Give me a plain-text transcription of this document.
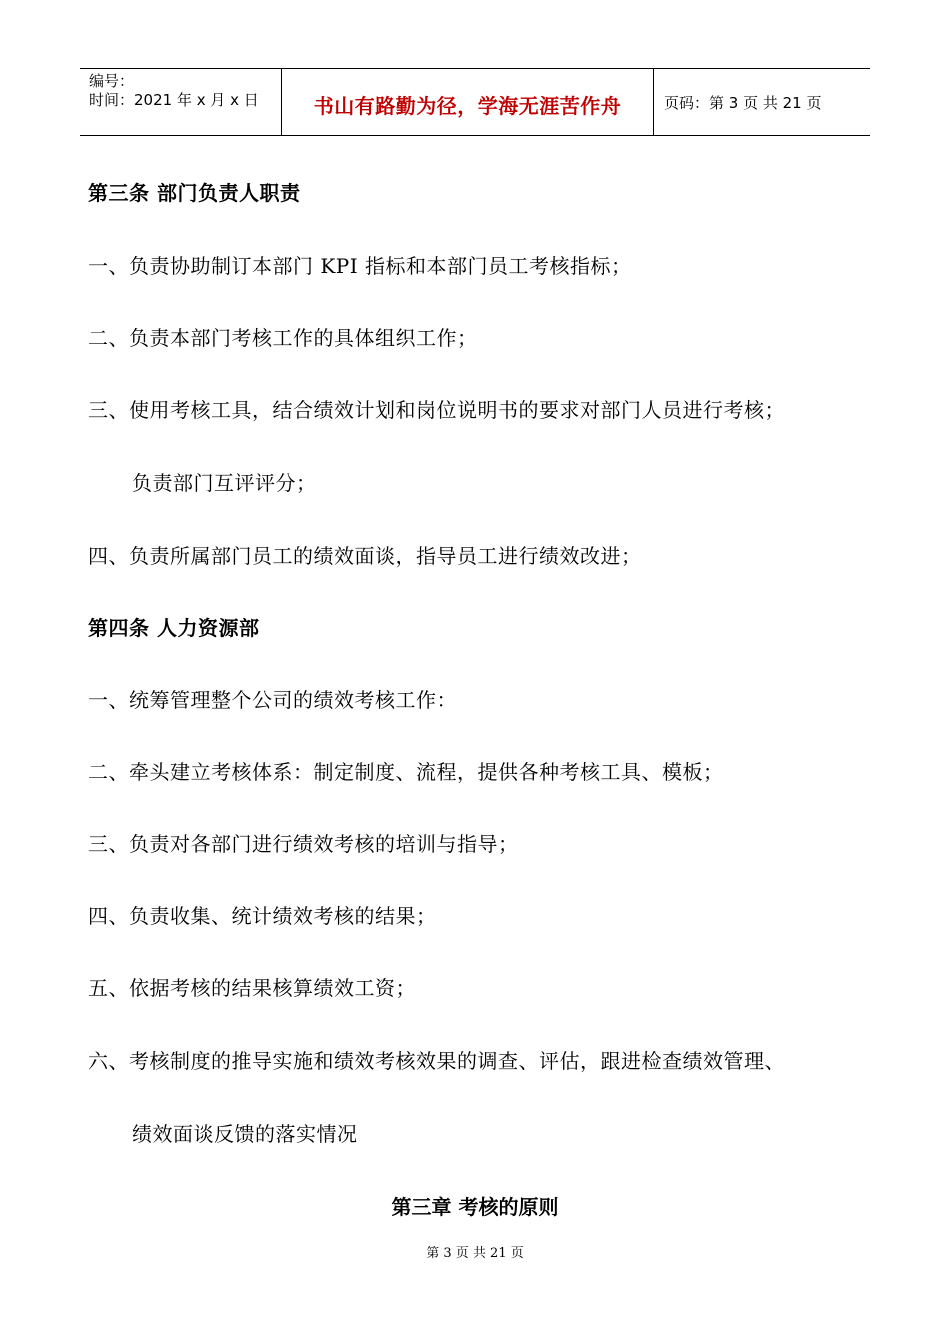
编号：
时间：2021 年 x 月 x 日	书山有路勤为径，学海无涯苦作舟	页码：第 3 页 共 21 页
第三条 部门负责人职责
一、负责协助制订本部门 KPI 指标和本部门员工考核指标；
二、负责本部门考核工作的具体组织工作；
三、使用考核工具，结合绩效计划和岗位说明书的要求对部门人员进行考核；
负责部门互评评分；
四、负责所属部门员工的绩效面谈，指导员工进行绩效改进；
第四条 人力资源部
一、统筹管理整个公司的绩效考核工作：
二、牵头建立考核体系：制定制度、流程，提供各种考核工具、模板；
三、负责对各部门进行绩效考核的培训与指导；
四、负责收集、统计绩效考核的结果；
五、依据考核的结果核算绩效工资；
六、考核制度的推导实施和绩效考核效果的调查、评估，跟进检查绩效管理、
绩效面谈反馈的落实情况
第三章 考核的原则
第 3 页 共 21 页
